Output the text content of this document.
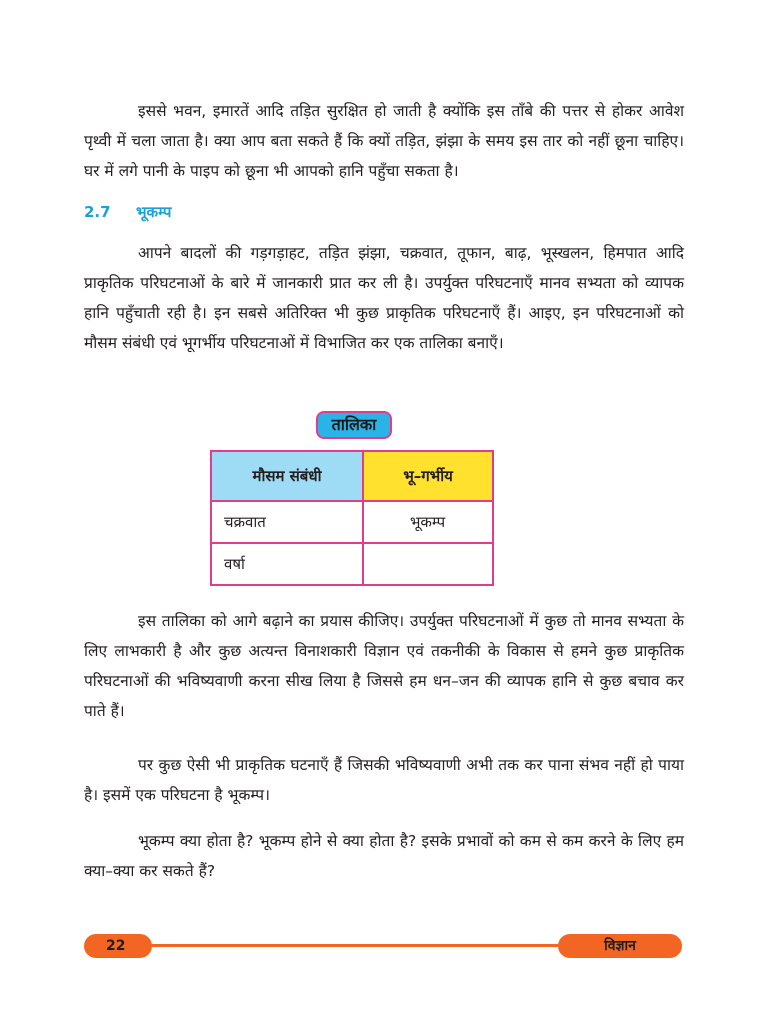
इससे भवन, इमारतें आदि तड़ित सुरक्षित हो जाती है क्योंकि इस ताँबे की पत्तर से होकर आवेश पृथ्वी में चला जाता है। क्या आप बता सकते हैं कि क्यों तड़ित, झंझा के समय इस तार को नहीं छूना चाहिए। घर में लगे पानी के पाइप को छूना भी आपको हानि पहुँचा सकता है।

2.7 भूकम्प

आपने बादलों की गड़गड़ाहट, तड़ित झंझा, चक्रवात, तूफान, बाढ़, भूस्खलन, हिमपात आदि प्राकृतिक परिघटनाओं के बारे में जानकारी प्रात कर ली है। उपर्युक्त परिघटनाएँ मानव सभ्यता को व्यापक हानि पहुँचाती रही है। इन सबसे अतिरिक्त भी कुछ प्राकृतिक परिघटनाएँ हैं। आइए, इन परिघटनाओं को मौसम संबंधी एवं भूगर्भीय परिघटनाओं में विभाजित कर एक तालिका बनाएँ।

तालिका
मौसम संबंधी	भू–गर्भीय
चक्रवात	भूकम्प
वर्षा	

इस तालिका को आगे बढ़ाने का प्रयास कीजिए। उपर्युक्त परिघटनाओं में कुछ तो मानव सभ्यता के लिए लाभकारी है और कुछ अत्यन्त विनाशकारी विज्ञान एवं तकनीकी के विकास से हमने कुछ प्राकृतिक परिघटनाओं की भविष्यवाणी करना सीख लिया है जिससे हम धन–जन की व्यापक हानि से कुछ बचाव कर पाते हैं।

पर कुछ ऐसी भी प्राकृतिक घटनाएँ हैं जिसकी भविष्यवाणी अभी तक कर पाना संभव नहीं हो पाया है। इसमें एक परिघटना है भूकम्प।

भूकम्प क्या होता है? भूकम्प होने से क्या होता है? इसके प्रभावों को कम से कम करने के लिए हम क्या–क्या कर सकते हैं?

22	विज्ञान
